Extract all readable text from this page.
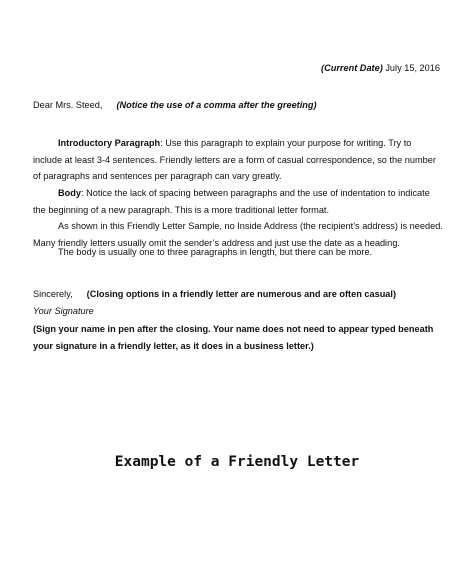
(Current Date) July 15, 2016
Dear Mrs. Steed, (Notice the use of a comma after the greeting)
Introductory Paragraph: Use this paragraph to explain your purpose for writing. Try to include at least 3-4 sentences. Friendly letters are a form of casual correspondence, so the number of paragraphs and sentences per paragraph can vary greatly.
Body: Notice the lack of spacing between paragraphs and the use of indentation to indicate the beginning of a new paragraph. This is a more traditional letter format.
As shown in this Friendly Letter Sample, no Inside Address (the recipient’s address) is needed. Many friendly letters usually omit the sender’s address and just use the date as a heading.
The body is usually one to three paragraphs in length, but there can be more.
Sincerely, (Closing options in a friendly letter are numerous and are often casual)
Your Signature
(Sign your name in pen after the closing. Your name does not need to appear typed beneath your signature in a friendly letter, as it does in a business letter.)
Example of a Friendly Letter
